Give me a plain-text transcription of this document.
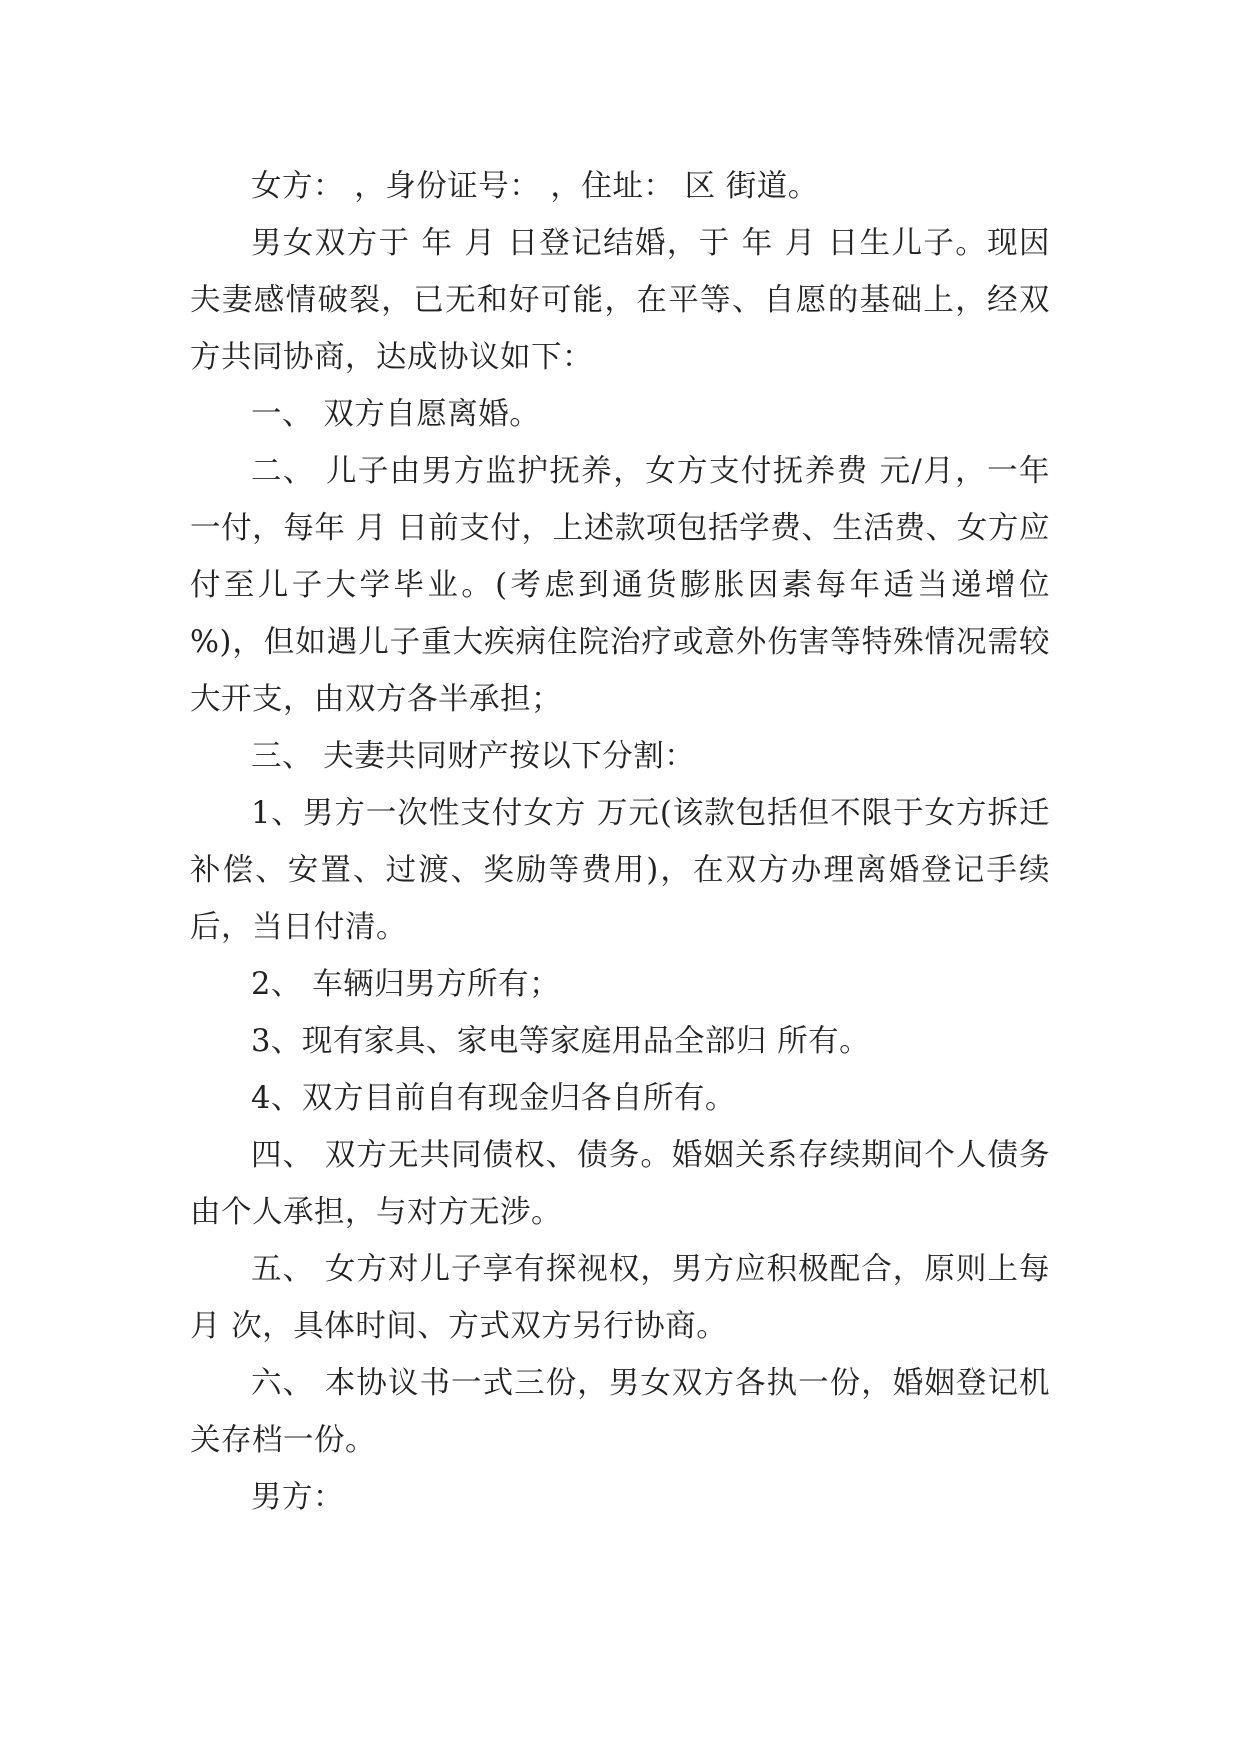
女方： ，身份证号： ，住址： 区 街道。

男女双方于 年 月 日登记结婚，于 年 月 日生儿子。现因夫妻感情破裂，已无和好可能，在平等、自愿的基础上，经双方共同协商，达成协议如下：

一、 双方自愿离婚。

二、 儿子由男方监护抚养，女方支付抚养费 元/月，一年一付，每年 月 日前支付，上述款项包括学费、生活费、女方应付至儿子大学毕业。(考虑到通货膨胀因素每年适当递增位 %)，但如遇儿子重大疾病住院治疗或意外伤害等特殊情况需较大开支，由双方各半承担；

三、 夫妻共同财产按以下分割：

1、男方一次性支付女方 万元(该款包括但不限于女方拆迁补偿、安置、过渡、奖励等费用)，在双方办理离婚登记手续后，当日付清。

2、 车辆归男方所有；

3、现有家具、家电等家庭用品全部归 所有。

4、双方目前自有现金归各自所有。

四、 双方无共同债权、债务。婚姻关系存续期间个人债务由个人承担，与对方无涉。

五、 女方对儿子享有探视权，男方应积极配合，原则上每月 次，具体时间、方式双方另行协商。

六、 本协议书一式三份，男女双方各执一份，婚姻登记机关存档一份。

男方：
